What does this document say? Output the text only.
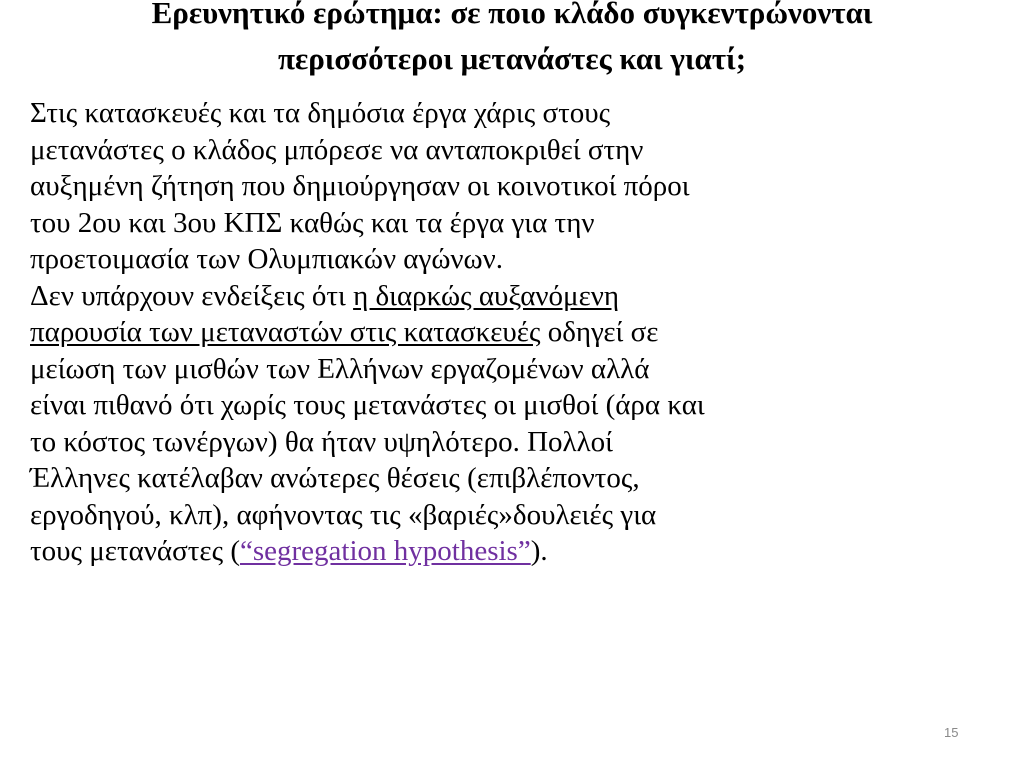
Ερευνητικό ερώτημα: σε ποιο κλάδο συγκεντρώνονται
περισσότεροι μετανάστες και γιατί;
Στις κατασκευές και τα δημόσια έργα χάρις στους
μετανάστες ο κλάδος μπόρεσε να ανταποκριθεί στην
αυξημένη ζήτηση που δημιούργησαν οι κοινοτικοί πόροι
του 2ου και 3ου ΚΠΣ καθώς και τα έργα για την
προετοιμασία των Ολυμπιακών αγώνων.
Δεν υπάρχουν ενδείξεις ότι η διαρκώς αυξανόμενη
παρουσία των μεταναστών στις κατασκευές οδηγεί σε
μείωση των μισθών των Ελλήνων εργαζομένων αλλά
είναι πιθανό ότι χωρίς τους μετανάστες οι μισθοί (άρα και
το κόστος τωνέργων) θα ήταν υψηλότερο. Πολλοί
Έλληνες κατέλαβαν ανώτερες θέσεις (επιβλέποντος,
εργοδηγού, κλπ), αφήνοντας τις «βαριές»δουλειές για
τους μετανάστες (“segregation hypothesis”).
15
